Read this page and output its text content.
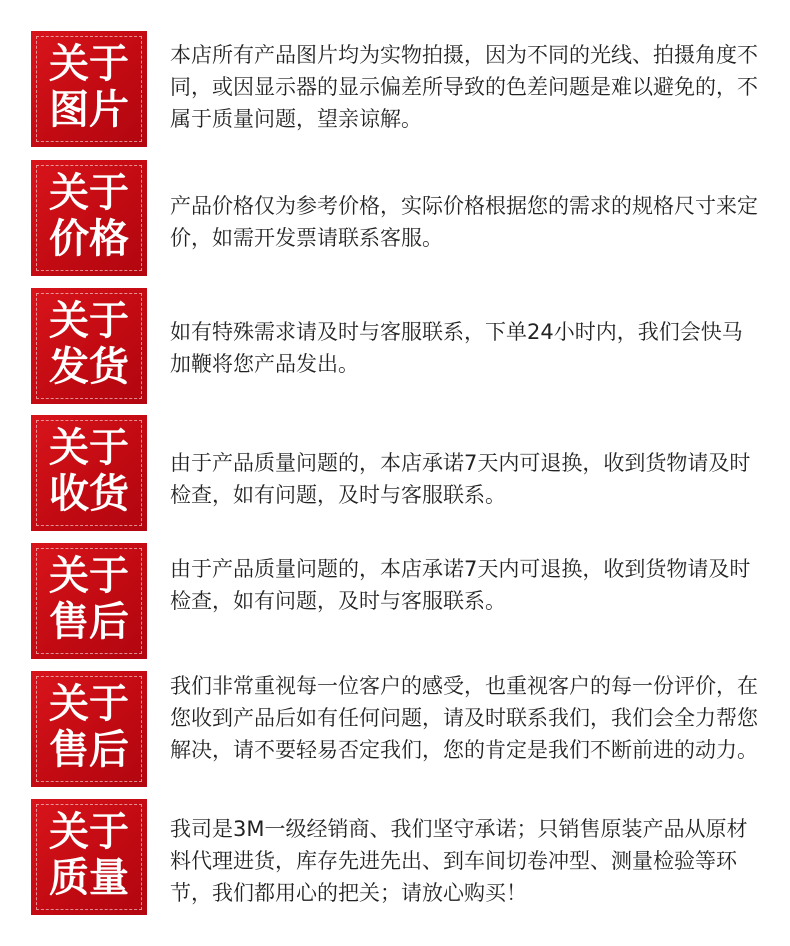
关于
图片

本店所有产品图片均为实物拍摄，因为不同的光线、拍摄角度不同，或因显示器的显示偏差所导致的色差问题是难以避免的，不属于质量问题，望亲谅解。

关于
价格

产品价格仅为参考价格，实际价格根据您的需求的规格尺寸来定价，如需开发票请联系客服。

关于
发货

如有特殊需求请及时与客服联系，下单24小时内，我们会快马加鞭将您产品发出。

关于
收货

由于产品质量问题的，本店承诺7天内可退换，收到货物请及时检查，如有问题，及时与客服联系。

关于
售后

由于产品质量问题的，本店承诺7天内可退换，收到货物请及时检查，如有问题，及时与客服联系。

关于
售后

我们非常重视每一位客户的感受，也重视客户的每一份评价，在您收到产品后如有任何问题，请及时联系我们，我们会全力帮您解决，请不要轻易否定我们，您的肯定是我们不断前进的动力。

关于
质量

我司是3M一级经销商、我们坚守承诺；只销售原装产品从原材料代理进货，库存先进先出、到车间切卷冲型、测量检验等环节，我们都用心的把关；请放心购买！
